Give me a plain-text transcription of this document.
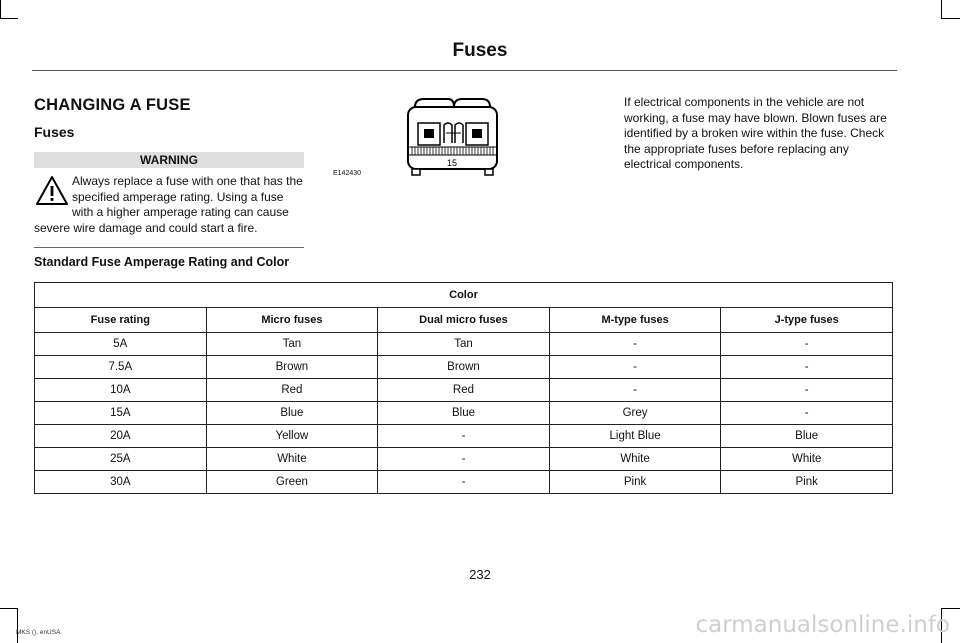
Fuses
CHANGING A FUSE
Fuses
WARNING
Always replace a fuse with one that has the specified amperage rating. Using a fuse with a higher amperage rating can cause severe wire damage and could start a fire.
15
E142430
If electrical components in the vehicle are not working, a fuse may have blown. Blown fuses are identified by a broken wire within the fuse. Check the appropriate fuses before replacing any electrical components.
Standard Fuse Amperage Rating and Color
Color				
Fuse rating	Micro fuses	Dual micro fuses	M-type fuses	J-type fuses
5A	Tan	Tan	-	-
7.5A	Brown	Brown	-	-
10A	Red	Red	-	-
15A	Blue	Blue	Grey	-
20A	Yellow	-	Light Blue	Blue
25A	White	-	White	White
30A	Green	-	Pink	Pink
232
MKS (), enUSA	carmanualsonline.info
